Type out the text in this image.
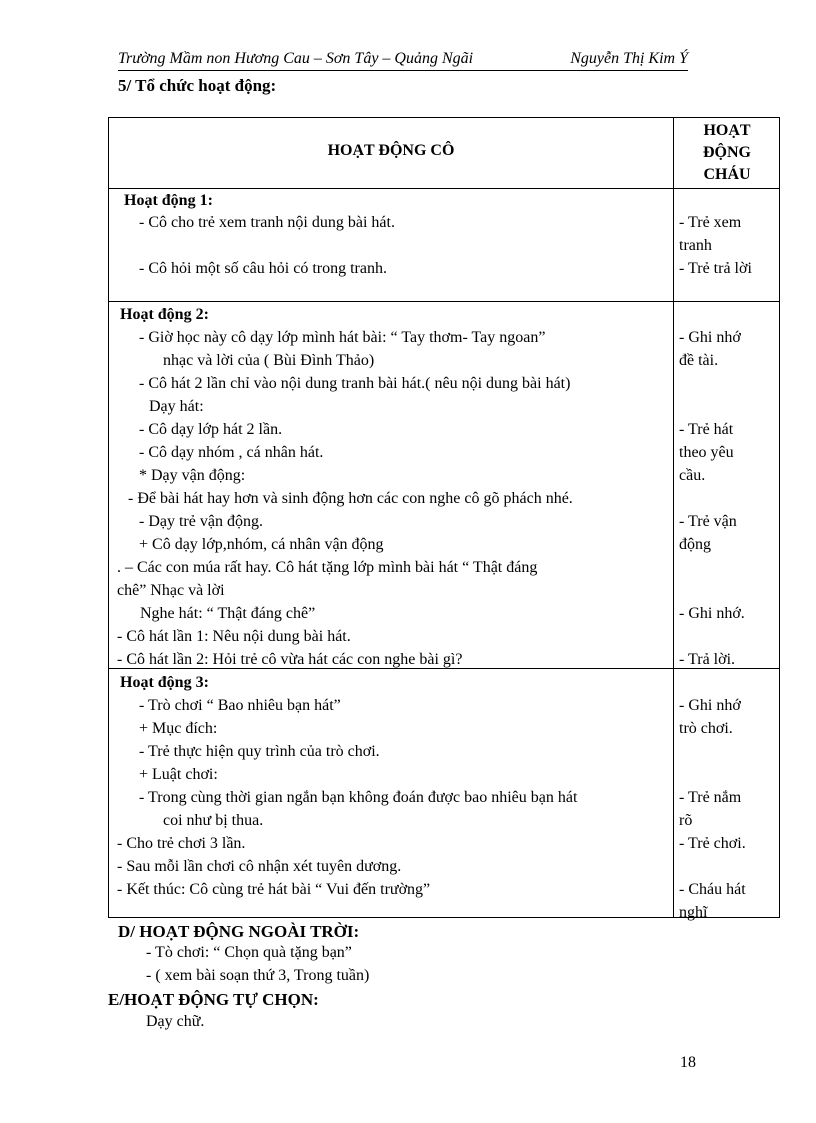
Trường Mầm non Hương Cau – Sơn Tây – Quảng Ngãi	Nguyễn Thị Kim Ý
5/ Tổ chức hoạt động:
HOẠT ĐỘNG CÔ
HOẠT
ĐỘNG
CHÁU
Hoạt động 1:
- Cô cho trẻ xem tranh nội dung bài hát.
- Cô hỏi một số câu hỏi có trong tranh.
- Trẻ xem
tranh
- Trẻ trả lời
Hoạt động 2:
- Giờ học này cô dạy lớp mình hát bài: “ Tay thơm- Tay ngoan”
nhạc và lời của ( Bùi Đình Thảo)
- Cô hát 2 lần chỉ vào nội dung tranh bài hát.( nêu nội dung bài hát)
Dạy hát:
- Cô dạy lớp hát 2 lần.
- Cô dạy nhóm , cá nhân hát.
* Dạy vận động:
- Để bài hát hay hơn và sinh động hơn các con nghe cô gõ phách nhé.
- Dạy trẻ vận động.
+ Cô dạy lớp,nhóm, cá nhân vận động
. – Các con múa rất hay. Cô hát tặng lớp mình bài hát “ Thật đáng
chê” Nhạc và lời
Nghe hát: “ Thật đáng chê”
- Cô hát lần 1: Nêu nội dung bài hát.
- Cô hát lần 2: Hỏi trẻ cô vừa hát các con nghe bài gì?
- Ghi nhớ
đề tài.
- Trẻ hát
theo yêu
cầu.
- Trẻ vận
động
- Ghi nhớ.
- Trả lời.
Hoạt động 3:
- Trò chơi “ Bao nhiêu bạn hát”
+ Mục đích:
- Trẻ thực hiện quy trình của trò chơi.
+ Luật chơi:
- Trong cùng thời gian ngắn bạn không đoán được bao nhiêu bạn hát
coi như bị thua.
- Cho trẻ chơi 3 lần.
- Sau mỗi lần chơi cô nhận xét tuyên dương.
- Kết thúc: Cô cùng trẻ hát bài “ Vui đến trường”
- Ghi nhớ
trò chơi.
- Trẻ nắm
rõ
- Trẻ chơi.
- Cháu hát
nghĩ
D/ HOẠT ĐỘNG NGOÀI TRỜI:
- Tò chơi: “ Chọn quà tặng bạn”
- ( xem bài soạn thứ 3, Trong tuần)
E/HOẠT ĐỘNG TỰ CHỌN:
Dạy chữ.
18
